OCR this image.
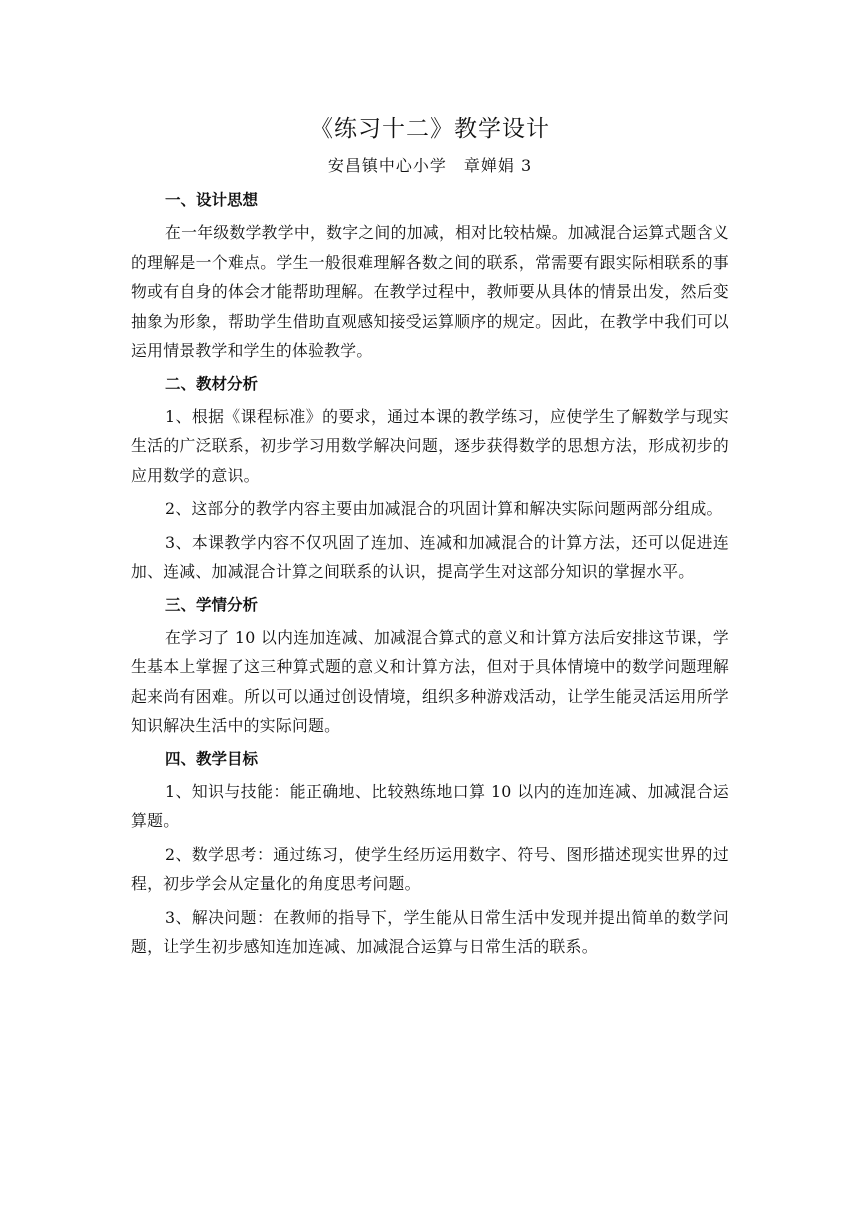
《练习十二》教学设计
安昌镇中心小学　章婵娟 3
一、设计思想

在一年级数学教学中，数字之间的加减，相对比较枯燥。加减混合运算式题含义的理解是一个难点。学生一般很难理解各数之间的联系，常需要有跟实际相联系的事物或有自身的体会才能帮助理解。在教学过程中，教师要从具体的情景出发，然后变抽象为形象，帮助学生借助直观感知接受运算顺序的规定。因此，在教学中我们可以运用情景教学和学生的体验教学。

二、教材分析

1、根据《课程标准》的要求，通过本课的教学练习，应使学生了解数学与现实生活的广泛联系，初步学习用数学解决问题，逐步获得数学的思想方法，形成初步的应用数学的意识。

2、这部分的教学内容主要由加减混合的巩固计算和解决实际问题两部分组成。

3、本课教学内容不仅巩固了连加、连减和加减混合的计算方法，还可以促进连加、连减、加减混合计算之间联系的认识，提高学生对这部分知识的掌握水平。

三、学情分析

在学习了 10 以内连加连减、加减混合算式的意义和计算方法后安排这节课，学生基本上掌握了这三种算式题的意义和计算方法，但对于具体情境中的数学问题理解起来尚有困难。所以可以通过创设情境，组织多种游戏活动，让学生能灵活运用所学知识解决生活中的实际问题。

四、教学目标

1、知识与技能：能正确地、比较熟练地口算 10 以内的连加连减、加减混合运算题。

2、数学思考：通过练习，使学生经历运用数字、符号、图形描述现实世界的过程，初步学会从定量化的角度思考问题。

3、解决问题：在教师的指导下，学生能从日常生活中发现并提出简单的数学问题，让学生初步感知连加连减、加减混合运算与日常生活的联系。
